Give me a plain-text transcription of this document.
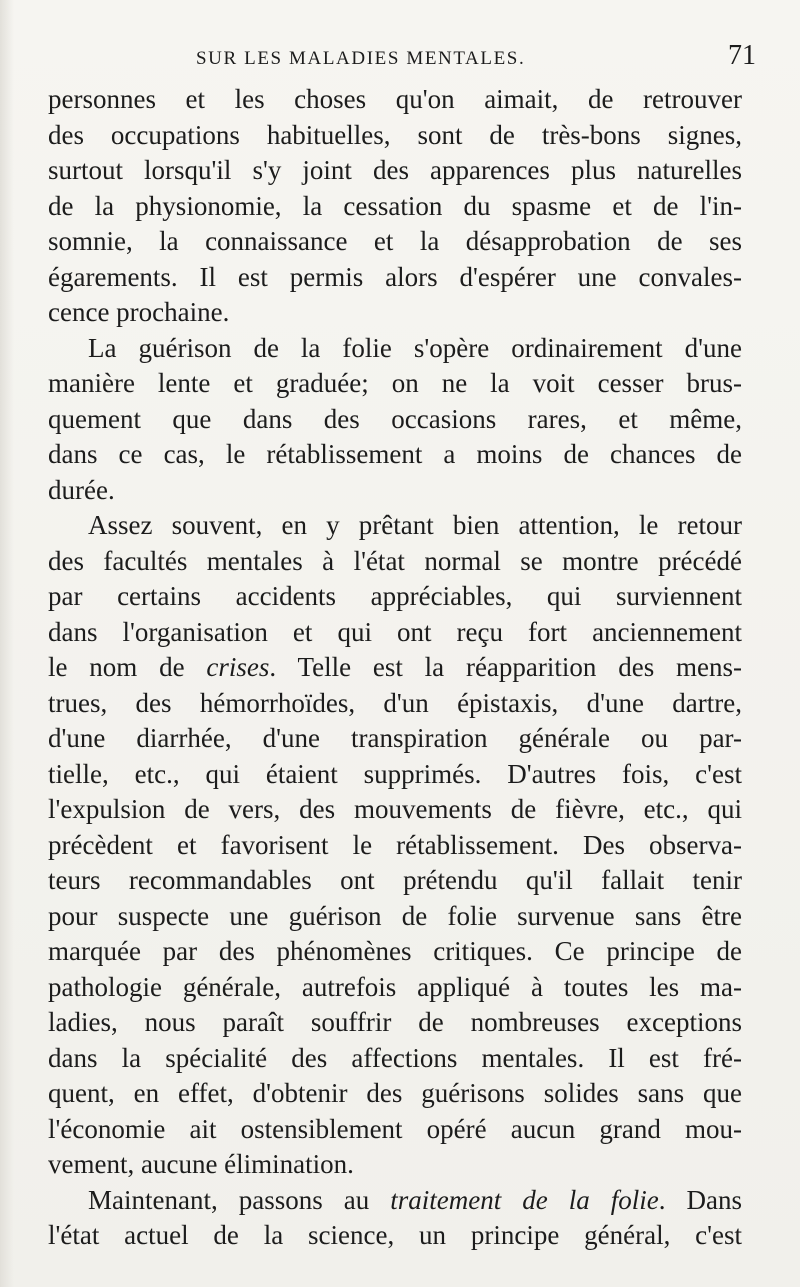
SUR LES MALADIES MENTALES.	71
personnes et les choses qu'on aimait, de retrouver
des occupations habituelles, sont de très-bons signes,
surtout lorsqu'il s'y joint des apparences plus naturelles
de la physionomie, la cessation du spasme et de l'in-
somnie, la connaissance et la désapprobation de ses
égarements. Il est permis alors d'espérer une convales-
cence prochaine.
La guérison de la folie s'opère ordinairement d'une
manière lente et graduée; on ne la voit cesser brus-
quement que dans des occasions rares, et même,
dans ce cas, le rétablissement a moins de chances de
durée.
Assez souvent, en y prêtant bien attention, le retour
des facultés mentales à l'état normal se montre précédé
par certains accidents appréciables, qui surviennent
dans l'organisation et qui ont reçu fort anciennement
le nom de crises. Telle est la réapparition des mens-
trues, des hémorrhoïdes, d'un épistaxis, d'une dartre,
d'une diarrhée, d'une transpiration générale ou par-
tielle, etc., qui étaient supprimés. D'autres fois, c'est
l'expulsion de vers, des mouvements de fièvre, etc., qui
précèdent et favorisent le rétablissement. Des observa-
teurs recommandables ont prétendu qu'il fallait tenir
pour suspecte une guérison de folie survenue sans être
marquée par des phénomènes critiques. Ce principe de
pathologie générale, autrefois appliqué à toutes les ma-
ladies, nous paraît souffrir de nombreuses exceptions
dans la spécialité des affections mentales. Il est fré-
quent, en effet, d'obtenir des guérisons solides sans que
l'économie ait ostensiblement opéré aucun grand mou-
vement, aucune élimination.
Maintenant, passons au traitement de la folie. Dans
l'état actuel de la science, un principe général, c'est
